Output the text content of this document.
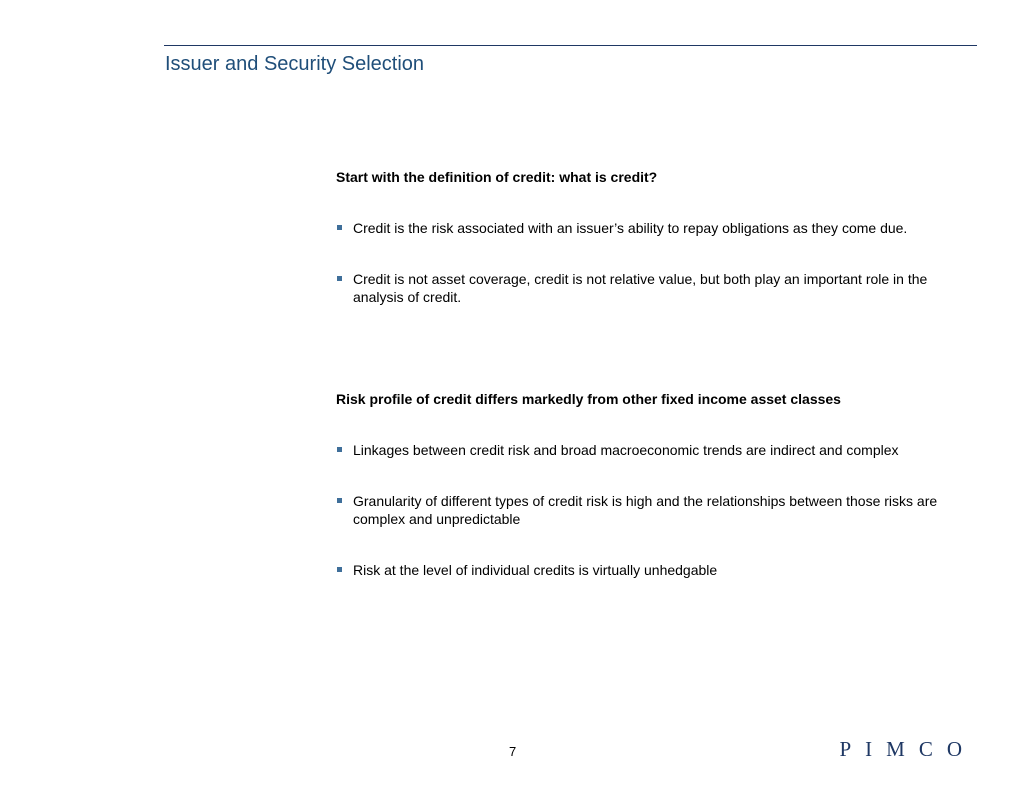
Issuer and Security Selection

Start with the definition of credit: what is credit?

Credit is the risk associated with an issuer’s ability to repay obligations as they come due.
Credit is not asset coverage, credit is not relative value, but both play an important role in the analysis of credit.

Risk profile of credit differs markedly from other fixed income asset classes

Linkages between credit risk and broad macroeconomic trends are indirect and complex
Granularity of different types of credit risk is high and the relationships between those risks are complex and unpredictable
Risk at the level of individual credits is virtually unhedgable
7	PIMCO
